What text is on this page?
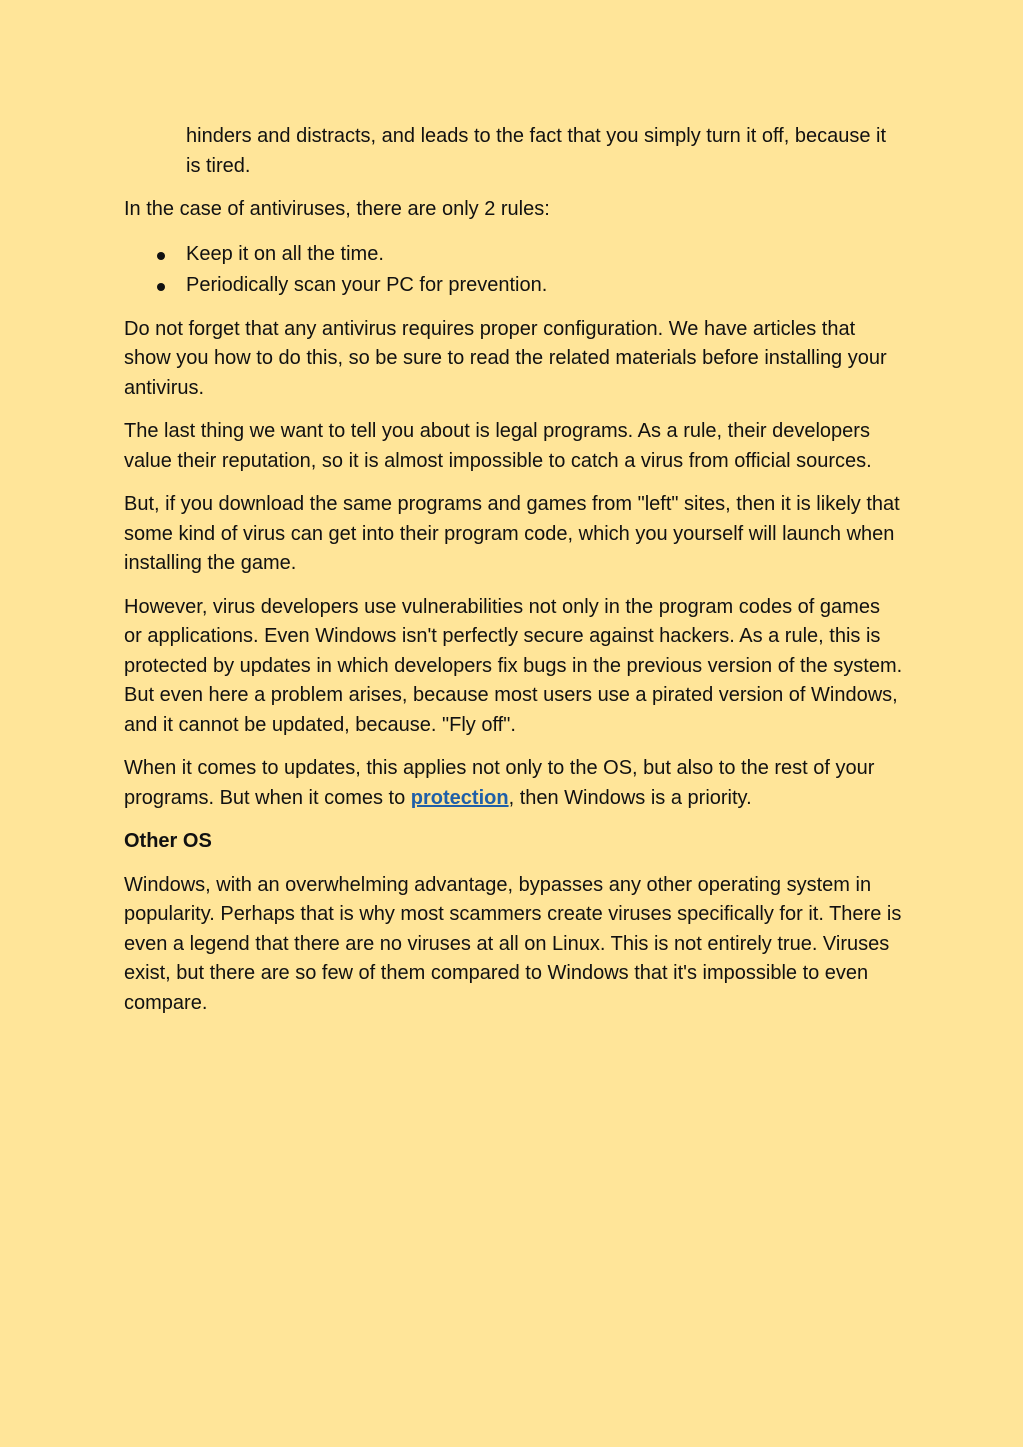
hinders and distracts, and leads to the fact that you simply turn it off, because it is tired.

In the case of antiviruses, there are only 2 rules:

Keep it on all the time.
Periodically scan your PC for prevention.

Do not forget that any antivirus requires proper configuration. We have articles that show you how to do this, so be sure to read the related materials before installing your antivirus.

The last thing we want to tell you about is legal programs. As a rule, their developers value their reputation, so it is almost impossible to catch a virus from official sources.

But, if you download the same programs and games from "left" sites, then it is likely that some kind of virus can get into their program code, which you yourself will launch when installing the game.

However, virus developers use vulnerabilities not only in the program codes of games or applications. Even Windows isn't perfectly secure against hackers. As a rule, this is protected by updates in which developers fix bugs in the previous version of the system. But even here a problem arises, because most users use a pirated version of Windows, and it cannot be updated, because. "Fly off".

When it comes to updates, this applies not only to the OS, but also to the rest of your programs. But when it comes to protection, then Windows is a priority.

Other OS

Windows, with an overwhelming advantage, bypasses any other operating system in popularity. Perhaps that is why most scammers create viruses specifically for it. There is even a legend that there are no viruses at all on Linux. This is not entirely true. Viruses exist, but there are so few of them compared to Windows that it's impossible to even compare.
